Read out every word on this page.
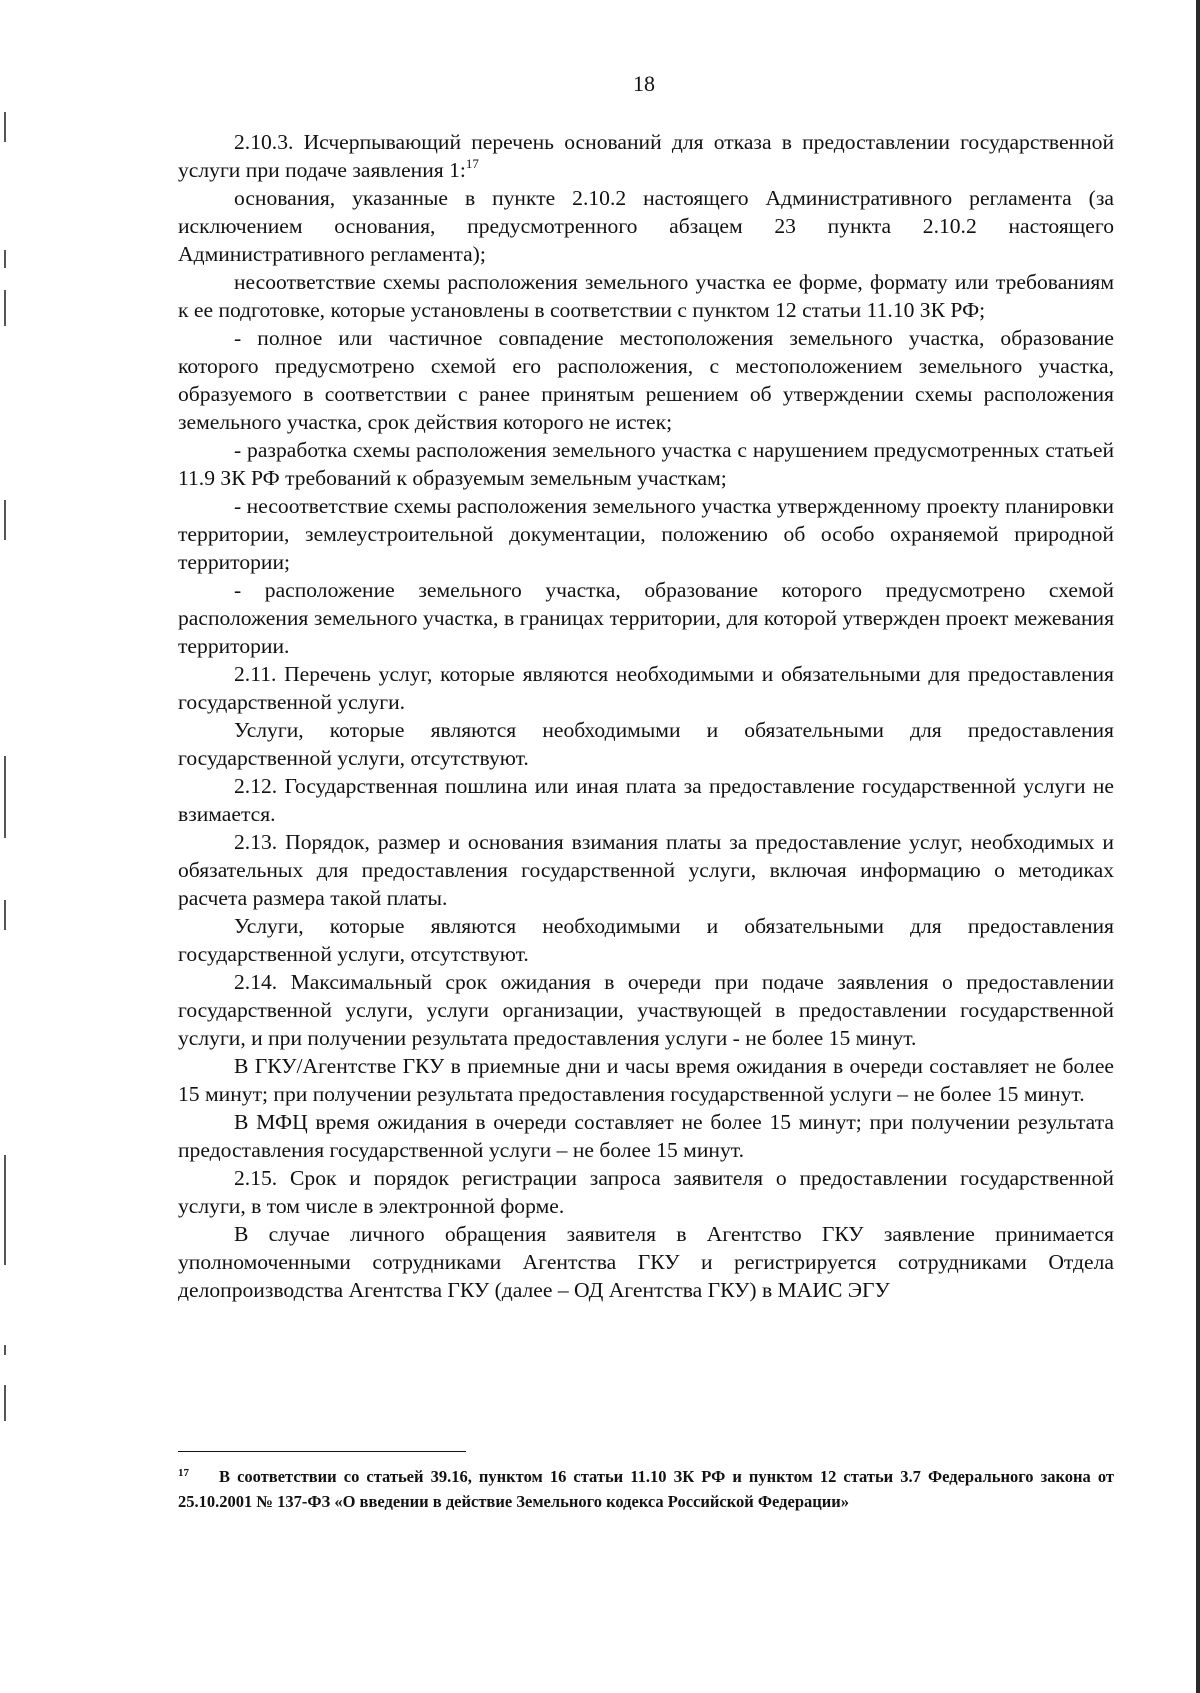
18

2.10.3. Исчерпывающий перечень оснований для отказа в предоставлении государственной услуги при подаче заявления 1:$^{17}$

основания, указанные в пункте 2.10.2 настоящего Административного регламента (за исключением основания, предусмотренного абзацем 23 пункта 2.10.2 настоящего Административного регламента);

несоответствие схемы расположения земельного участка ее форме, формату или требованиям к ее подготовке, которые установлены в соответствии с пунктом 12 статьи 11.10 ЗК РФ;

- полное или частичное совпадение местоположения земельного участка, образование которого предусмотрено схемой его расположения, с местоположением земельного участка, образуемого в соответствии с ранее принятым решением об утверждении схемы расположения земельного участка, срок действия которого не истек;

- разработка схемы расположения земельного участка с нарушением предусмотренных статьей 11.9 ЗК РФ требований к образуемым земельным участкам;

- несоответствие схемы расположения земельного участка утвержденному проекту планировки территории, землеустроительной документации, положению об особо охраняемой природной территории;

- расположение земельного участка, образование которого предусмотрено схемой расположения земельного участка, в границах территории, для которой утвержден проект межевания территории.

2.11. Перечень услуг, которые являются необходимыми и обязательными для предоставления государственной услуги.

Услуги, которые являются необходимыми и обязательными для предоставления государственной услуги, отсутствуют.

2.12. Государственная пошлина или иная плата за предоставление государственной услуги не взимается.

2.13. Порядок, размер и основания взимания платы за предоставление услуг, необходимых и обязательных для предоставления государственной услуги, включая информацию о методиках расчета размера такой платы.

Услуги, которые являются необходимыми и обязательными для предоставления государственной услуги, отсутствуют.

2.14. Максимальный срок ожидания в очереди при подаче заявления о предоставлении государственной услуги, услуги организации, участвующей в предоставлении государственной услуги, и при получении результата предоставления услуги - не более 15 минут.

В ГКУ/Агентстве ГКУ в приемные дни и часы время ожидания в очереди составляет не более 15 минут; при получении результата предоставления государственной услуги – не более 15 минут.

В МФЦ время ожидания в очереди составляет не более 15 минут; при получении результата предоставления государственной услуги – не более 15 минут.

2.15. Срок и порядок регистрации запроса заявителя о предоставлении государственной услуги, в том числе в электронной форме.

В случае личного обращения заявителя в Агентство ГКУ заявление принимается уполномоченными сотрудниками Агентства ГКУ и регистрируется сотрудниками Отдела делопроизводства Агентства ГКУ (далее – ОД Агентства ГКУ) в МАИС ЭГУ

$^{17}$ В соответствии со статьей 39.16, пунктом 16 статьи 11.10 ЗК РФ и пунктом 12 статьи 3.7 Федерального закона от 25.10.2001 № 137-ФЗ «О введении в действие Земельного кодекса Российской Федерации»
